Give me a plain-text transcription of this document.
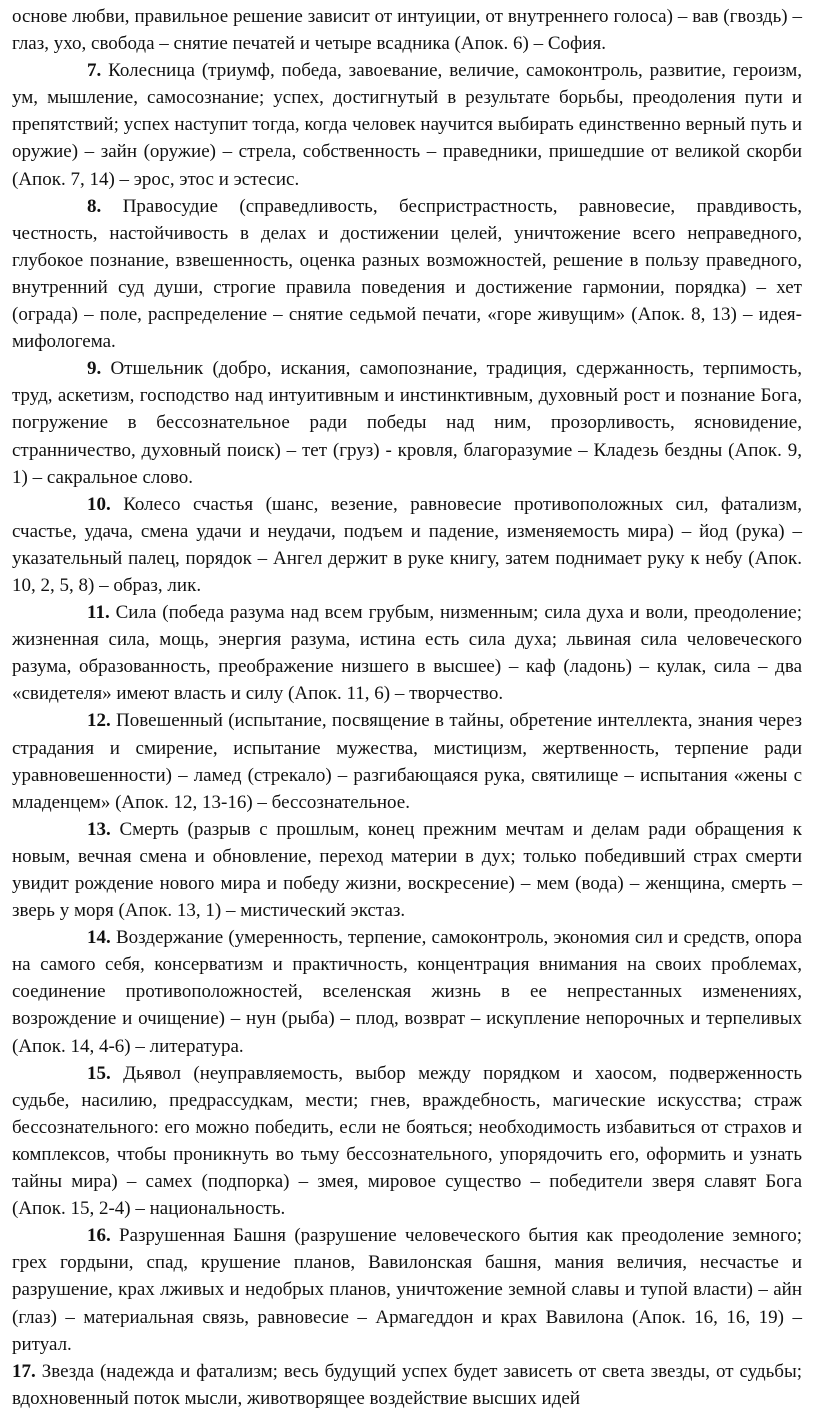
основе любви, правильное решение зависит от интуиции, от внутреннего голоса) – вав (гвоздь) – глаз, ухо, свобода – снятие печатей и четыре всадника (Апок. 6) – София.

7. Колесница (триумф, победа, завоевание, величие, самоконтроль, развитие, героизм, ум, мышление, самосознание; успех, достигнутый в результате борьбы, преодоления пути и препятствий; успех наступит тогда, когда человек научится выбирать единственно верный путь и оружие) – зайн (оружие) – стрела, собственность – праведники, пришедшие от великой скорби (Апок. 7, 14) – эрос, этос и эстесис.

8. Правосудие (справедливость, беспристрастность, равновесие, правдивость, честность, настойчивость в делах и достижении целей, уничтожение всего неправедного, глубокое познание, взвешенность, оценка разных возможностей, решение в пользу праведного, внутренний суд души, строгие правила поведения и достижение гармонии, порядка) – хет (ограда) – поле, распределение – снятие седьмой печати, «горе живущим» (Апок. 8, 13) – идея-мифологема.

9. Отшельник (добро, искания, самопознание, традиция, сдержанность, терпимость, труд, аскетизм, господство над интуитивным и инстинктивным, духовный рост и познание Бога, погружение в бессознательное ради победы над ним, прозорливость, ясновидение, странничество, духовный поиск) – тет (груз) - кровля, благоразумие – Кладезь бездны (Апок. 9, 1) – сакральное слово.

10. Колесо счастья (шанс, везение, равновесие противоположных сил, фатализм, счастье, удача, смена удачи и неудачи, подъем и падение, изменяемость мира) – йод (рука) – указательный палец, порядок – Ангел держит в руке книгу, затем поднимает руку к небу (Апок. 10, 2, 5, 8) – образ, лик.

11. Сила (победа разума над всем грубым, низменным; сила духа и воли, преодоление; жизненная сила, мощь, энергия разума, истина есть сила духа; львиная сила человеческого разума, образованность, преображение низшего в высшее) – каф (ладонь) – кулак, сила – два «свидетеля» имеют власть и силу (Апок. 11, 6) – творчество.

12. Повешенный (испытание, посвящение в тайны, обретение интеллекта, знания через страдания и смирение, испытание мужества, мистицизм, жертвенность, терпение ради уравновешенности) – ламед (стрекало) – разгибающаяся рука, святилище – испытания «жены с младенцем» (Апок. 12, 13-16) – бессознательное.

13. Смерть (разрыв с прошлым, конец прежним мечтам и делам ради обращения к новым, вечная смена и обновление, переход материи в дух; только победивший страх смерти увидит рождение нового мира и победу жизни, воскресение) – мем (вода) – женщина, смерть – зверь у моря (Апок. 13, 1) – мистический экстаз.

14. Воздержание (умеренность, терпение, самоконтроль, экономия сил и средств, опора на самого себя, консерватизм и практичность, концентрация внимания на своих проблемах, соединение противоположностей, вселенская жизнь в ее непрестанных изменениях, возрождение и очищение) – нун (рыба) – плод, возврат – искупление непорочных и терпеливых (Апок. 14, 4-6) – литература.

15. Дьявол (неуправляемость, выбор между порядком и хаосом, подверженность судьбе, насилию, предрассудкам, мести; гнев, враждебность, магические искусства; страж бессознательного: его можно победить, если не бояться; необходимость избавиться от страхов и комплексов, чтобы проникнуть во тьму бессознательного, упорядочить его, оформить и узнать тайны мира) – самех (подпорка) – змея, мировое существо – победители зверя славят Бога (Апок. 15, 2-4) – национальность.

16. Разрушенная Башня (разрушение человеческого бытия как преодоление земного; грех гордыни, спад, крушение планов, Вавилонская башня, мания величия, несчастье и разрушение, крах лживых и недобрых планов, уничтожение земной славы и тупой власти) – айн (глаз) – материальная связь, равновесие – Армагеддон и крах Вавилона (Апок. 16, 16, 19) – ритуал.

17. Звезда (надежда и фатализм; весь будущий успех будет зависеть от света звезды, от судьбы; вдохновенный поток мысли, животворящее воздействие высших идей
